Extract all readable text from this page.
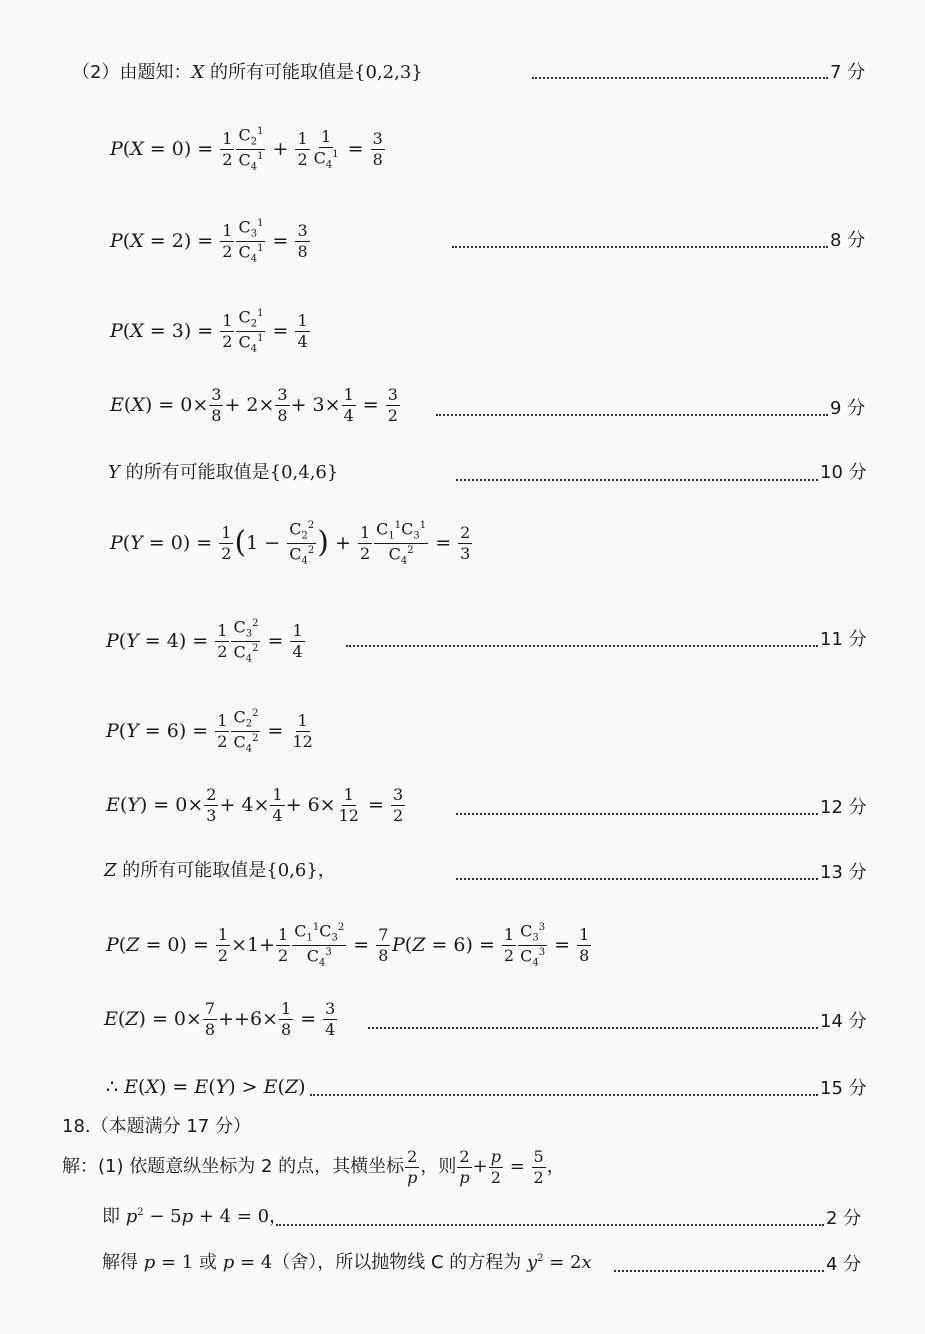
（2）由题知： X 的所有可能取值是 {0,2,3}	7 分
P ( $X = 0) = \frac{1}{2} \frac{C_2^1}{C_4^1} + \frac{1}{2} \frac{1}{C_4^1} = \frac{3}{8}$
P ( $X = 2) = \frac{1}{2} \frac{C_3^1}{C_4^1} = \frac{3}{8}$	8 分
P ( $X = 3) = \frac{1}{2} \frac{C_2^1}{C_4^1} = \frac{1}{4}$
E ( X ) = $0\times \frac{3}{8} + 2\times \frac{3}{8} + 3\times \frac{1}{4} = \frac{3}{2}$	9 分
Y 的所有可能取值是 {0,4,6}	10 分
P ( $Y = 0) = \frac{1}{2}$ ( $1 - \frac{C_2^2}{C_4^2}$ ) + $\frac{1}{2} \frac{C_1^1C_3^1}{C_4^2} = \frac{2}{3}$
P ( $Y = 4) = \frac{1}{2} \frac{C_3^2}{C_4^2} = \frac{1}{4}$	11 分
P ( $Y = 6) = \frac{1}{2} \frac{C_2^2}{C_4^2} = \frac{1}{12}$
E ( Y ) = $0\times \frac{2}{3} + 4\times \frac{1}{4} + 6\times \frac{1}{12} = \frac{3}{2}$	12 分
Z 的所有可能取值是 {0,6} ，	13 分
P ( $Z = 0) = \frac{1}{2} \times 1+ \frac{1}{2} \frac{C_1^1C_3^2}{C_4^3} = \frac{7}{8}$ P ( $Z = 6) = \frac{1}{2} \frac{C_3^3}{C_4^3} = \frac{1}{8}$
E ( Z ) = $0\times \frac{7}{8} ++6\times \frac{1}{8} = \frac{3}{4}$	14 分
∴ E ( X ) = E ( Y ) > E ( Z )	15 分
18.（本题满分 17 分）
解：(1) 依题意纵坐标为 2 的点，其横坐标 $\frac{2}{p}$ ，则 $\frac{2}{p} + \frac{p}{2} = \frac{5}{2}$ ，
即 $p^2 - 5p + 4 = 0$ ，	2 分
解得 p = 1 或 p = 4 （舍），所以抛物线 C 的方程为 $y^2 = 2x$	4 分
